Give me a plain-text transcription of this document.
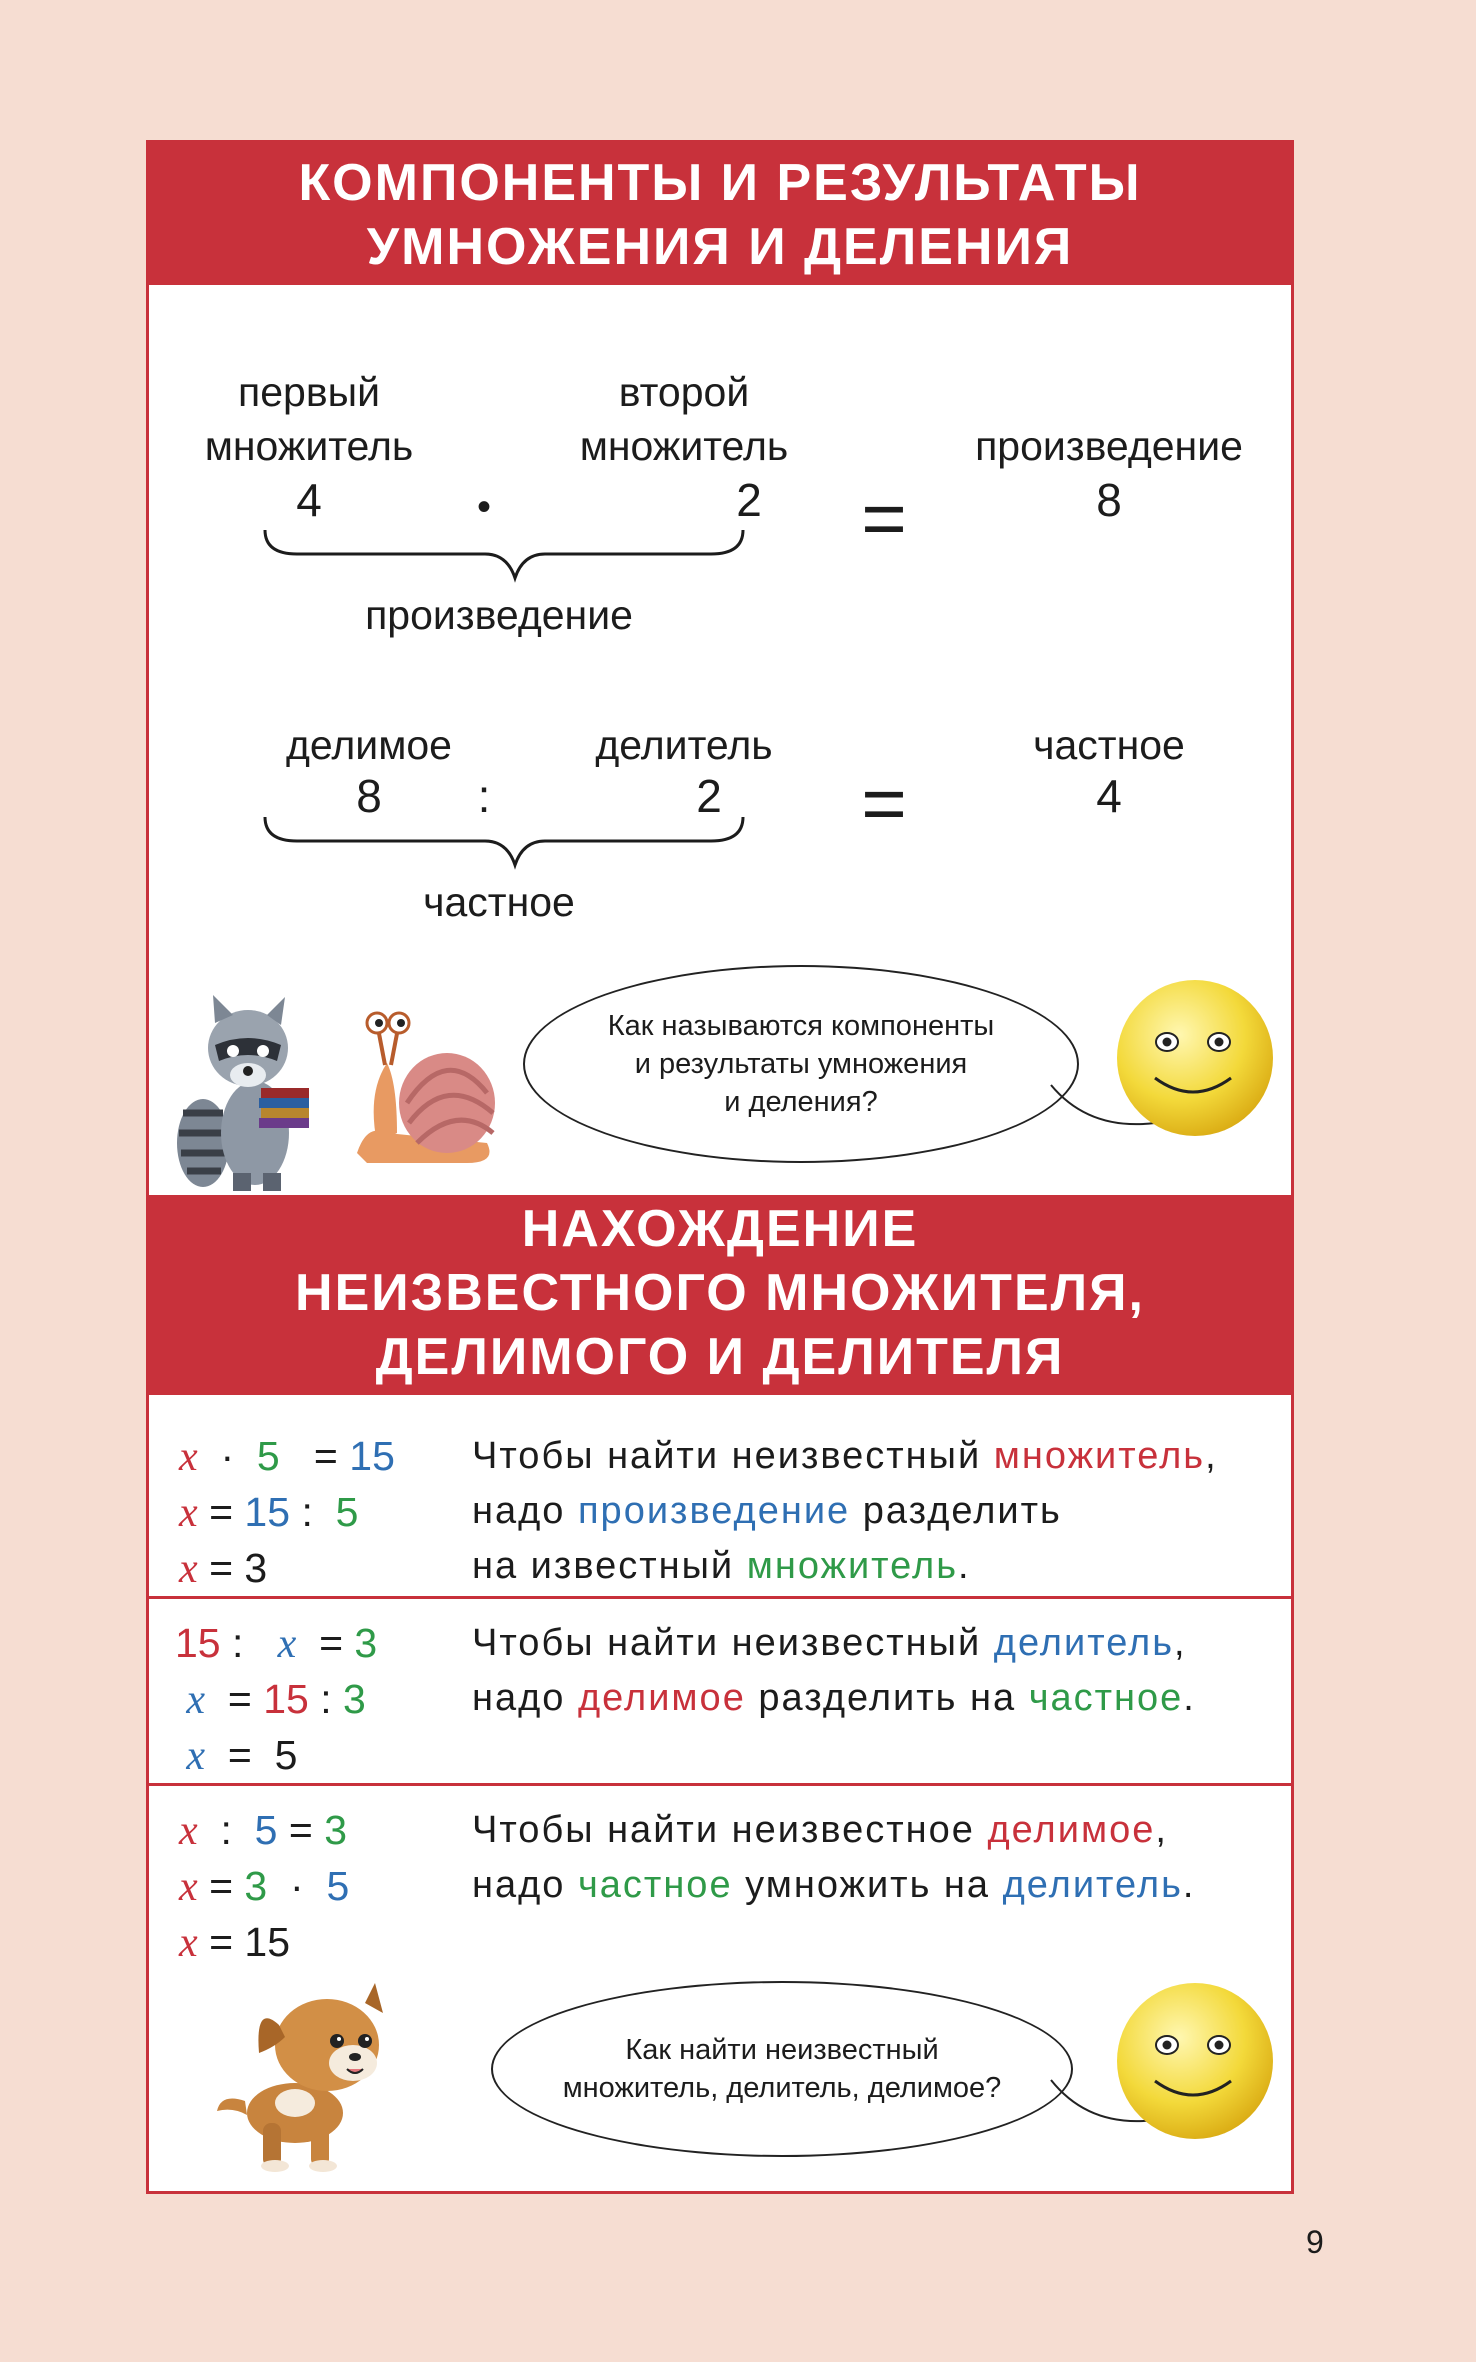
КОМПОНЕНТЫ И РЕЗУЛЬТАТЫ
УМНОЖЕНИЯ И ДЕЛЕНИЯ
первый
множитель
4	•
второй
множитель
2	=
произведение
8
произведение
делимое
8	:
делитель
2	=
частное
4
частное
Как называются компоненты
и результаты умножения
и деления?
НАХОЖДЕНИЕ
НЕИЗВЕСТНОГО МНОЖИТЕЛЯ,
ДЕЛИМОГО И ДЕЛИТЕЛЯ
x · 5 = 15
x = 15 : 5
x = 3
Чтобы найти неизвестный множитель,
надо произведение разделить
на известный множитель.
15 : x = 3
x = 15 : 3
x = 5
Чтобы найти неизвестный делитель,
надо делимое разделить на частное.
x : 5 = 3
x = 3 · 5
x = 15
Чтобы найти неизвестное делимое,
надо частное умножить на делитель.
Как найти неизвестный
множитель, делитель, делимое?
9
